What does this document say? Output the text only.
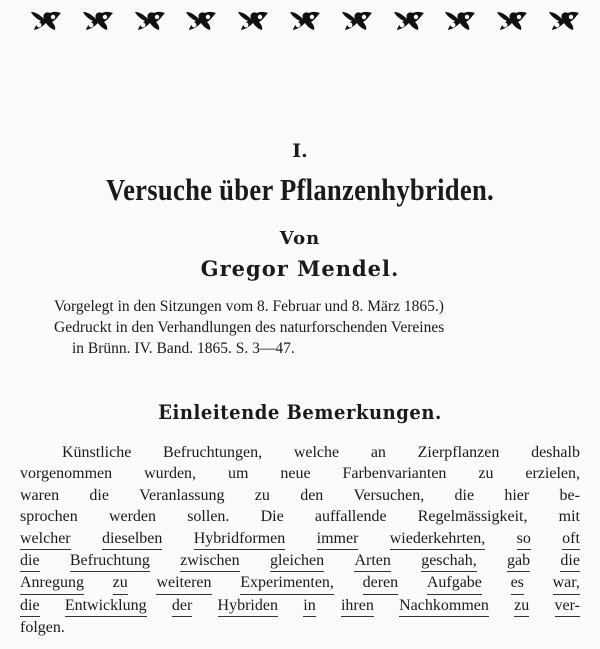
I.
Versuche über Pflanzenhybriden.
Von
Gregor Mendel.
Vorgelegt in den Sitzungen vom 8. Februar und 8. März 1865.)
Gedruckt in den Verhandlungen des naturforschenden Vereines
in Brünn. IV. Band. 1865. S. 3—47.
Einleitende Bemerkungen.
Künstliche Befruchtungen, welche an Zierpflanzen deshalb
vorgenommen wurden, um neue Farbenvarianten zu erzielen,
waren die Veranlassung zu den Versuchen, die hier be-
sprochen werden sollen. Die auffallende Regelmässigkeit, mit
welcher dieselben Hybridformen immer wiederkehrten, so oft
die Befruchtung zwischen gleichen Arten geschah, gab die
Anregung zu weiteren Experimenten, deren Aufgabe es war,
die Entwicklung der Hybriden in ihren Nachkommen zu ver-
folgen.
